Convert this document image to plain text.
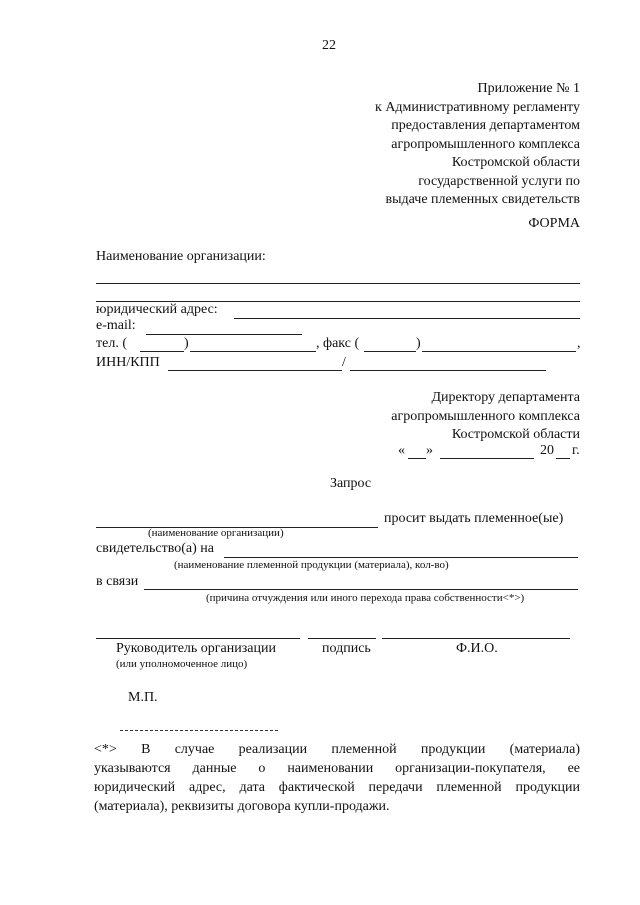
22
Приложение № 1
к Административному регламенту
предоставления департаментом
агропромышленного комплекса
Костромской области
государственной услуги по
выдаче племенных свидетельств
ФОРМА
Наименование организации:
юридический адрес:
e-mail:
тел. (	)	, факс (	)	,
ИНН/КПП	/
Директору департамента
агропромышленного комплекса
Костромской области
« »	20 г.
Запрос
просит выдать племенное(ые)
(наименование организации)
свидетельство(а) на
(наименование племенной продукции (материала), кол-во)
в связи
(причина отчуждения или иного перехода права собственности<*>)
Руководитель организации
(или уполномоченное лицо)
подпись	Ф.И.О.
М.П.
<*> В случае реализации племенной продукции (материала)
указываются данные о наименовании организации-покупателя, ее
юридический адрес, дата фактической передачи племенной продукции
(материала), реквизиты договора купли-продажи.
